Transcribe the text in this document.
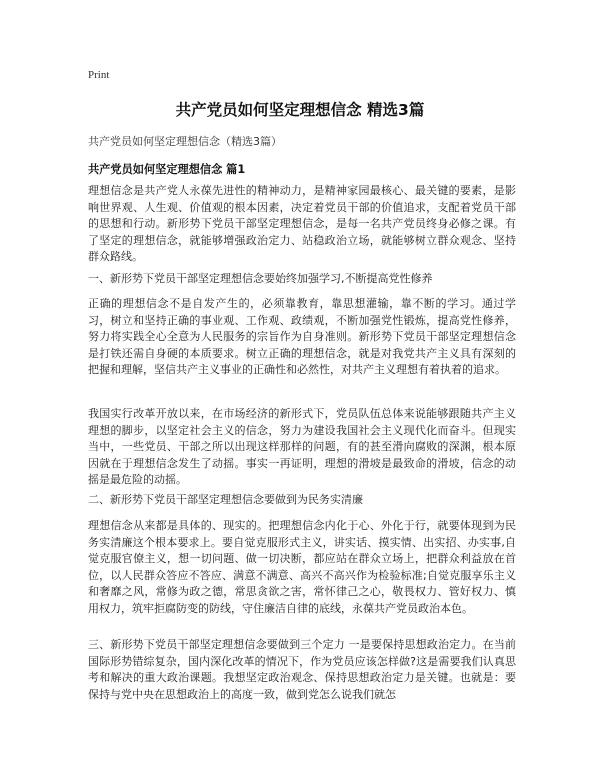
Print
共产党员如何坚定理想信念 精选3篇
共产党员如何坚定理想信念（精选3篇）
共产党员如何坚定理想信念 篇1

理想信念是共产党人永葆先进性的精神动力，是精神家园最核心、最关键的要素，是影响世界观、人生观、价值观的根本因素，决定着党员干部的价值追求，支配着党员干部的思想和行动。新形势下党员干部坚定理想信念，是每一名共产党员终身必修之课。有了坚定的理想信念，就能够增强政治定力、站稳政治立场，就能够树立群众观念、坚持群众路线。

一、新形势下党员干部坚定理想信念要始终加强学习,不断提高党性修养

正确的理想信念不是自发产生的，必须靠教育，靠思想灌输，靠不断的学习。通过学习，树立和坚持正确的事业观、工作观、政绩观，不断加强党性锻炼，提高党性修养，努力将实践全心全意为人民服务的宗旨作为自身准则。新形势下党员干部坚定理想信念是打铁还需自身硬的本质要求。树立正确的理想信念，就是对我党共产主义具有深刻的把握和理解，坚信共产主义事业的正确性和必然性，对共产主义理想有着执着的追求。

我国实行改革开放以来，在市场经济的新形式下，党员队伍总体来说能够跟随共产主义理想的脚步，以坚定社会主义的信念，努力为建设我国社会主义现代化而奋斗。但现实当中，一些党员、干部之所以出现这样那样的问题，有的甚至滑向腐败的深渊，根本原因就在于理想信念发生了动摇。事实一再证明，理想的滑坡是最致命的滑坡，信念的动摇是最危险的动摇。

二、新形势下党员干部坚定理想信念要做到为民务实清廉

理想信念从来都是具体的、现实的。把理想信念内化于心、外化于行，就要体现到为民务实清廉这个根本要求上。要自觉克服形式主义，讲实话、摸实情、出实招、办实事,自觉克服官僚主义，想一切问题、做一切决断，都应站在群众立场上，把群众利益放在首位，以人民群众答应不答应、满意不满意、高兴不高兴作为检验标准;自觉克服享乐主义和奢靡之风，常修为政之德，常思贪欲之害，常怀律己之心，敬畏权力、管好权力、慎用权力，筑牢拒腐防变的防线，守住廉洁自律的底线，永葆共产党员政治本色。

三、新形势下党员干部坚定理想信念要做到三个定力 一是要保持思想政治定力。在当前国际形势错综复杂，国内深化改革的情况下，作为党员应该怎样做?这是需要我们认真思考和解决的重大政治课题。我想坚定政治观念、保持思想政治定力是关键。也就是：要保持与党中央在思想政治上的高度一致，做到党怎么说我们就怎
